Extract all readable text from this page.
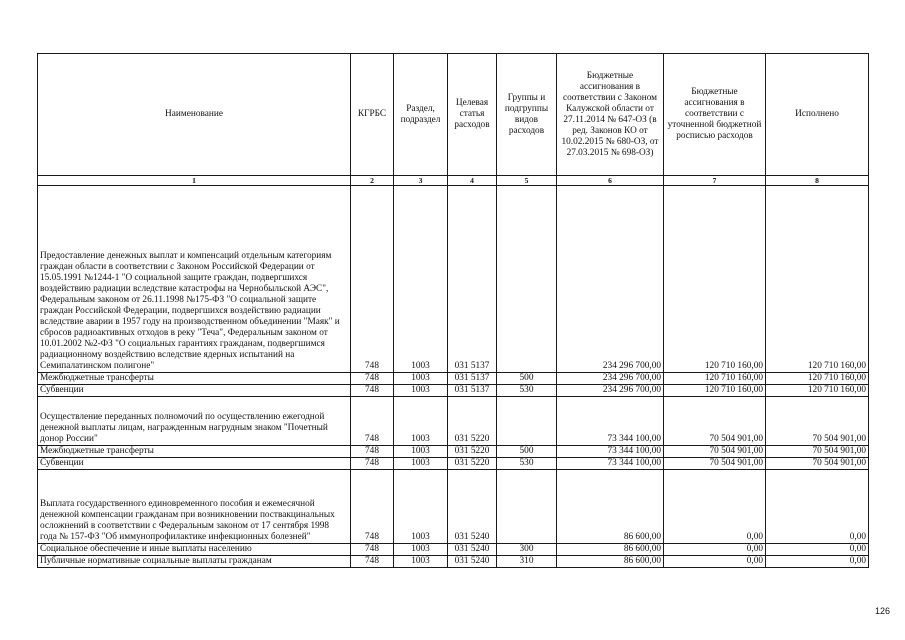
Наименование	КГРБС	Раздел, подраздел	Целевая статья расходов	Группы и подгруппы видов расходов	Бюджетные ассигнования в соответствии с Законом Калужской области от 27.11.2014 № 647-ОЗ (в ред. Законов КО от 10.02.2015 № 680-ОЗ, от 27.03.2015 № 698-ОЗ)	Бюджетные ассигнования в соответствии с уточненной бюджетной росписью расходов	Исполнено
1	2	3	4	5	6	7	8
Предоставление денежных выплат и компенсаций отдельным категориям граждан области в соответствии с Законом Российской Федерации от 15.05.1991 №1244-1 "О социальной защите граждан, подвергшихся воздействию радиации вследствие катастрофы на Чернобыльской АЭС", Федеральным законом от 26.11.1998 №175-ФЗ "О социальной защите граждан Российской Федерации, подвергшихся воздействию радиации вследствие аварии в 1957 году на производственном объединении "Маяк" и сбросов радиоактивных отходов в реку "Теча", Федеральным законом от 10.01.2002 №2-ФЗ "О социальных гарантиях гражданам, подвергшимся радиационному воздействию вследствие ядерных испытаний на Семипалатинском полигоне"	748	1003	031 5137		234 296 700,00	120 710 160,00	120 710 160,00
Межбюджетные трансферты	748	1003	031 5137	500	234 296 700,00	120 710 160,00	120 710 160,00
Субвенции	748	1003	031 5137	530	234 296 700,00	120 710 160,00	120 710 160,00
Осуществление переданных полномочий по осуществлению ежегодной денежной выплаты лицам, награжденным нагрудным знаком "Почетный донор России"	748	1003	031 5220		73 344 100,00	70 504 901,00	70 504 901,00
Межбюджетные трансферты	748	1003	031 5220	500	73 344 100,00	70 504 901,00	70 504 901,00
Субвенции	748	1003	031 5220	530	73 344 100,00	70 504 901,00	70 504 901,00
Выплата государственного единовременного пособия и ежемесячной денежной компенсации гражданам при возникновении поствакцинальных осложнений в соответствии с Федеральным законом от 17 сентября 1998 года № 157-ФЗ "Об иммунопрофилактике инфекционных болезней"	748	1003	031 5240		86 600,00	0,00	0,00
Социальное обеспечение и иные выплаты населению	748	1003	031 5240	300	86 600,00	0,00	0,00
Публичные нормативные социальные выплаты гражданам	748	1003	031 5240	310	86 600,00	0,00	0,00
126
